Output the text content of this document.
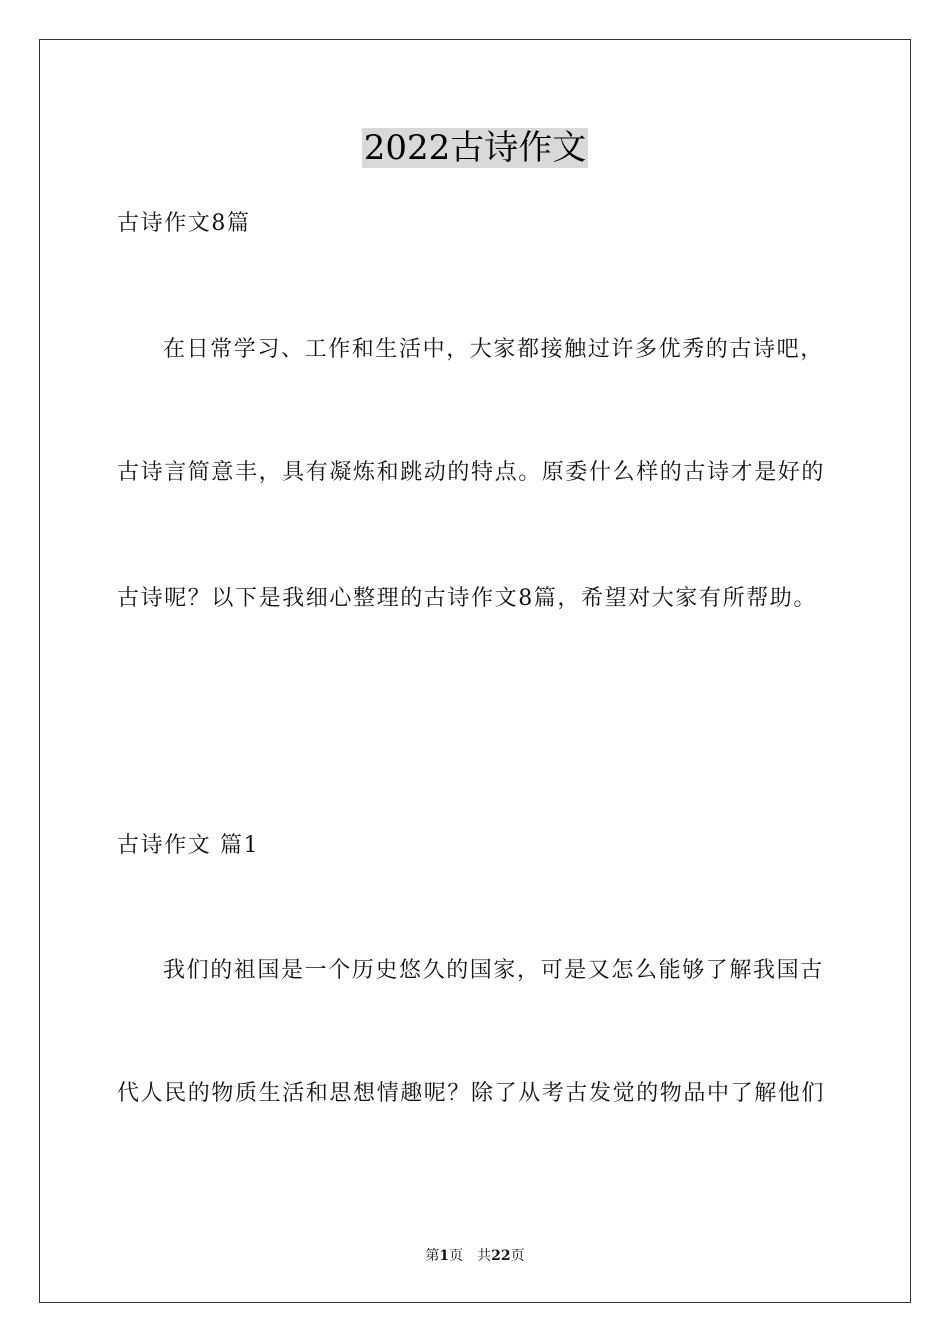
2022古诗作文
古诗作文8篇
在日常学习、工作和生活中，大家都接触过许多优秀的古诗吧，
古诗言简意丰，具有凝炼和跳动的特点。原委什么样的古诗才是好的
古诗呢？以下是我细心整理的古诗作文8篇，希望对大家有所帮助。
古诗作文 篇1
我们的祖国是一个历史悠久的国家，可是又怎么能够了解我国古
代人民的物质生活和思想情趣呢？除了从考古发觉的物品中了解他们
第1页　共22页
